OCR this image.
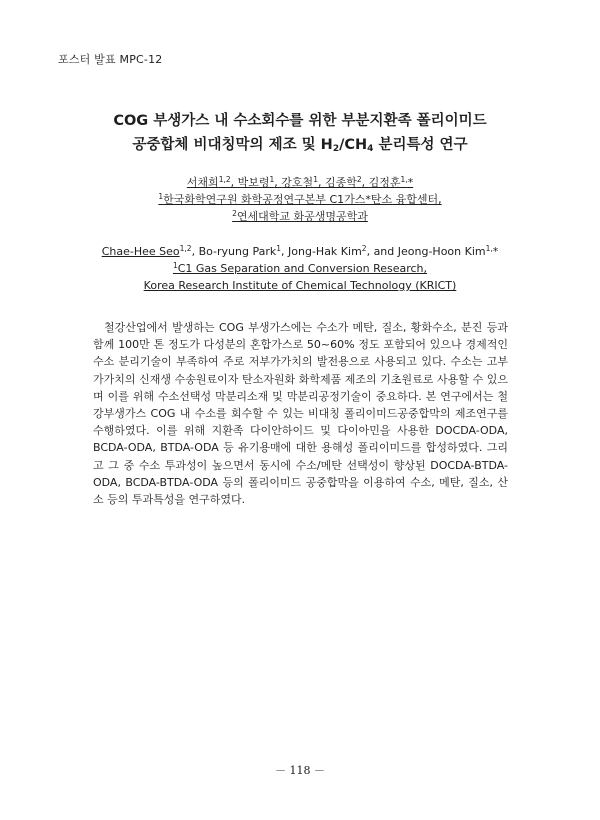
포스터 발표 MPC-12
COG 부생가스 내 수소회수를 위한 부분지환족 폴리이미드
공중합체 비대칭막의 제조 및 $H_2/CH_4$ 분리특성 연구
서채희$^{1,2}$, 박보령$^1$, 강호철$^1$, 김종학$^2$, 김정훈$^{1,}$*
$^1$한국화학연구원 화학공정연구본부 C1가스*탄소 융합센터,
$^2$연세대학교 화공생명공학과
Chae-Hee Seo$^{1,2}$, Bo-ryung Park$^1$, Jong-Hak Kim$^2$, and Jeong-Hoon Kim$^{1,}$*
$^1$C1 Gas Separation and Conversion Research,
Korea Research Institute of Chemical Technology (KRICT)

철강산업에서 발생하는 COG 부생가스에는 수소가 메탄, 질소, 황화수소, 분진 등과 함께 100만 톤 정도가 다성분의 혼합가스로 50~60% 정도 포함되어 있으나 경제적인 수소 분리기술이 부족하여 주로 저부가가치의 발전용으로 사용되고 있다. 수소는 고부가가치의 신재생 수송원료이자 탄소자원화 화학제품 제조의 기초원료로 사용할 수 있으며 이를 위해 수소선택성 막분리소재 및 막분리공정기술이 중요하다. 본 연구에서는 철강부생가스 COG 내 수소를 회수할 수 있는 비대칭 폴리이미드공중합막의 제조연구를 수행하였다. 이를 위해 지환족 다이안하이드 및 다이아민을 사용한 DOCDA-ODA, BCDA-ODA, BTDA-ODA 등 유기용매에 대한 용해성 폴리이미드를 합성하였다. 그리고 그 중 수소 투과성이 높으면서 동시에 수소/메탄 선택성이 향상된 DOCDA-BTDA-ODA, BCDA-BTDA-ODA 등의 폴리이미드 공중합막을 이용하여 수소, 메탄, 질소, 산소 등의 투과특성을 연구하였다.

－ 118 －
